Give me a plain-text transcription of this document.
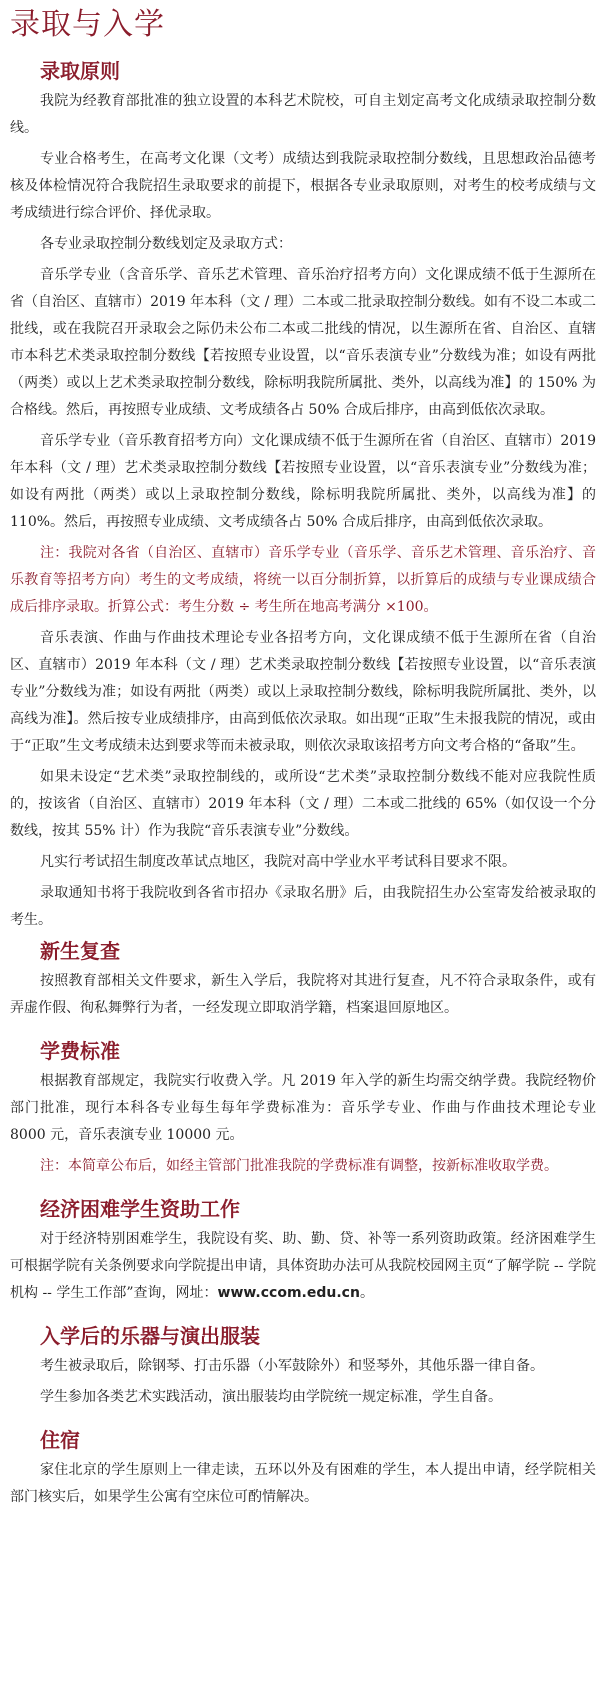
录取与入学
录取原则

我院为经教育部批准的独立设置的本科艺术院校，可自主划定高考文化成绩录取控制分数线。

专业合格考生，在高考文化课（文考）成绩达到我院录取控制分数线，且思想政治品德考核及体检情况符合我院招生录取要求的前提下，根据各专业录取原则，对考生的校考成绩与文考成绩进行综合评价、择优录取。

各专业录取控制分数线划定及录取方式：

音乐学专业（含音乐学、音乐艺术管理、音乐治疗招考方向）文化课成绩不低于生源所在省（自治区、直辖市）2019 年本科（文 / 理）二本或二批录取控制分数线。如有不设二本或二批线，或在我院召开录取会之际仍未公布二本或二批线的情况，以生源所在省、自治区、直辖市本科艺术类录取控制分数线【若按照专业设置，以“音乐表演专业”分数线为准；如设有两批（两类）或以上艺术类录取控制分数线，除标明我院所属批、类外，以高线为准】的 150% 为合格线。然后，再按照专业成绩、文考成绩各占 50% 合成后排序，由高到低依次录取。

音乐学专业（音乐教育招考方向）文化课成绩不低于生源所在省（自治区、直辖市）2019 年本科（文 / 理）艺术类录取控制分数线【若按照专业设置，以“音乐表演专业”分数线为准；如设有两批（两类）或以上录取控制分数线，除标明我院所属批、类外，以高线为准】的 110%。然后，再按照专业成绩、文考成绩各占 50% 合成后排序，由高到低依次录取。

注：我院对各省（自治区、直辖市）音乐学专业（音乐学、音乐艺术管理、音乐治疗、音乐教育等招考方向）考生的文考成绩，将统一以百分制折算，以折算后的成绩与专业课成绩合成后排序录取。折算公式：考生分数 ÷ 考生所在地高考满分 ×100。

音乐表演、作曲与作曲技术理论专业各招考方向，文化课成绩不低于生源所在省（自治区、直辖市）2019 年本科（文 / 理）艺术类录取控制分数线【若按照专业设置，以“音乐表演专业”分数线为准；如设有两批（两类）或以上录取控制分数线，除标明我院所属批、类外，以高线为准】。然后按专业成绩排序，由高到低依次录取。如出现“正取”生未报我院的情况，或由于“正取”生文考成绩未达到要求等而未被录取，则依次录取该招考方向文考合格的“备取”生。

如果未设定“艺术类”录取控制线的，或所设“艺术类”录取控制分数线不能对应我院性质的，按该省（自治区、直辖市）2019 年本科（文 / 理）二本或二批线的 65%（如仅设一个分数线，按其 55% 计）作为我院“音乐表演专业”分数线。

凡实行考试招生制度改革试点地区，我院对高中学业水平考试科目要求不限。

录取通知书将于我院收到各省市招办《录取名册》后，由我院招生办公室寄发给被录取的考生。

新生复查

按照教育部相关文件要求，新生入学后，我院将对其进行复查，凡不符合录取条件，或有弄虚作假、徇私舞弊行为者，一经发现立即取消学籍，档案退回原地区。

学费标准

根据教育部规定，我院实行收费入学。凡 2019 年入学的新生均需交纳学费。我院经物价部门批准，现行本科各专业每生每年学费标准为：音乐学专业、作曲与作曲技术理论专业 8000 元，音乐表演专业 10000 元。

注：本简章公布后，如经主管部门批准我院的学费标准有调整，按新标准收取学费。

经济困难学生资助工作

对于经济特别困难学生，我院设有奖、助、勤、贷、补等一系列资助政策。经济困难学生可根据学院有关条例要求向学院提出申请，具体资助办法可从我院校园网主页“了解学院 -- 学院机构 -- 学生工作部”查询，网址：www.ccom.edu.cn。

入学后的乐器与演出服装

考生被录取后，除钢琴、打击乐器（小军鼓除外）和竖琴外，其他乐器一律自备。

学生参加各类艺术实践活动，演出服装均由学院统一规定标准，学生自备。

住宿

家住北京的学生原则上一律走读，五环以外及有困难的学生，本人提出申请，经学院相关部门核实后，如果学生公寓有空床位可酌情解决。
